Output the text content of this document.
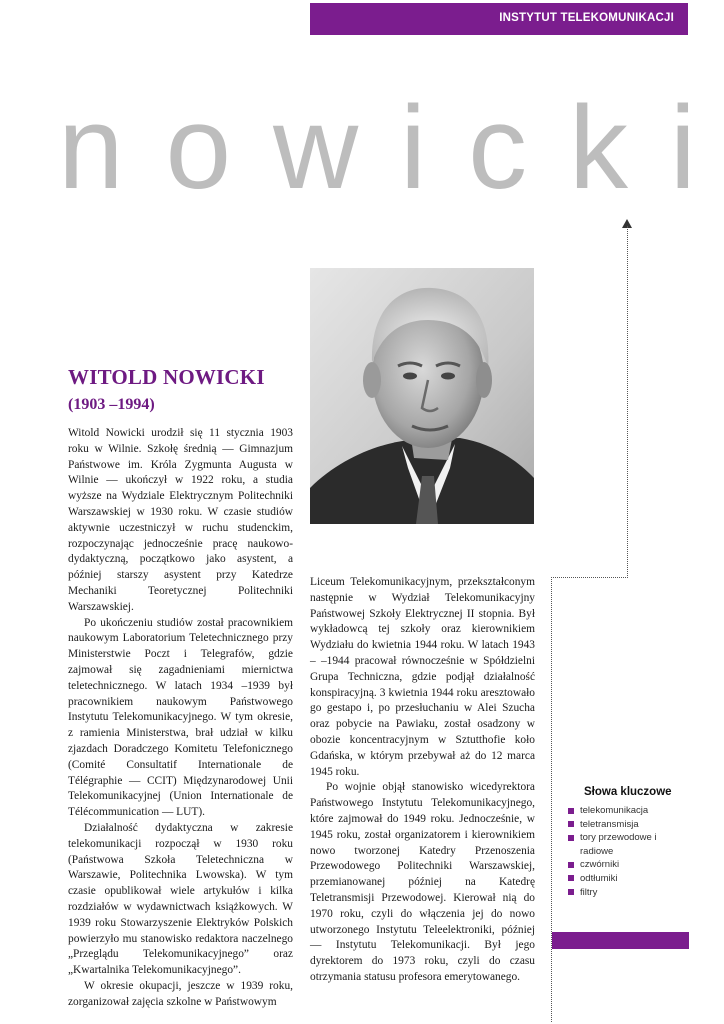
INSTYTUT TELEKOMUNIKACJI
n o w i c k i
WITOLD NOWICKI
(1903 –1994)

Witold Nowicki urodził się 11 stycznia 1903 roku w Wilnie. Szkołę średnią — Gimnazjum Państwowe im. Króla Zygmunta Augusta w Wilnie — ukończył w 1922 roku, a studia wyższe na Wydziale Elektrycznym Politechniki Warszawskiej w 1930 roku. W czasie studiów aktywnie uczestniczył w ruchu studenckim, rozpoczynając jednocześnie pracę naukowo-dydaktyczną, początkowo jako asystent, a później starszy asystent przy Katedrze Mechaniki Teoretycznej Politechniki Warszawskiej.

Po ukończeniu studiów został pracownikiem naukowym Laboratorium Teletechnicznego przy Ministerstwie Poczt i Telegrafów, gdzie zajmował się zagadnieniami miernictwa teletechnicznego. W latach 1934 –1939 był pracownikiem naukowym Państwowego Instytutu Telekomunikacyjnego. W tym okresie, z ramienia Ministerstwa, brał udział w kilku zjazdach Doradczego Komitetu Telefonicznego (Comité Consultatif Internationale de Télégraphie — CCIT) Międzynarodowej Unii Telekomunikacyjnej (Union Internationale de Télécommunication — LUT).

Działalność dydaktyczna w zakresie telekomunikacji rozpoczął w 1930 roku (Państwowa Szkoła Teletechniczna w Warszawie, Politechnika Lwowska). W tym czasie opublikował wiele artykułów i kilka rozdziałów w wydawnictwach książkowych. W 1939 roku Stowarzyszenie Elektryków Polskich powierzyło mu stanowisko redaktora naczelnego „Przeglądu Telekomunikacyjnego” oraz „Kwartalnika Telekomunikacyjnego”.

W okresie okupacji, jeszcze w 1939 roku, zorganizował zajęcia szkolne w Państwowym

Liceum Telekomunikacyjnym, przekształconym następnie w Wydział Telekomunikacyjny Państwowej Szkoły Elektrycznej II stopnia. Był wykładowcą tej szkoły oraz kierownikiem Wydziału do kwietnia 1944 roku. W latach 1943 – –1944 pracował równocześnie w Spółdzielni Grupa Techniczna, gdzie podjął działalność konspiracyjną. 3 kwietnia 1944 roku aresztowało go gestapo i, po przesłuchaniu w Alei Szucha oraz pobycie na Pawiaku, został osadzony w obozie koncentracyjnym w Sztutthofie koło Gdańska, w którym przebywał aż do 12 marca 1945 roku.

Po wojnie objął stanowisko wicedyrektora Państwowego Instytutu Telekomunikacyjnego, które zajmował do 1949 roku. Jednocześnie, w 1945 roku, został organizatorem i kierownikiem nowo tworzonej Katedry Przenoszenia Przewodowego Politechniki Warszawskiej, przemianowanej później na Katedrę Teletransmisji Przewodowej. Kierował nią do 1970 roku, czyli do włączenia jej do nowo utworzonego Instytutu Teleelektroniki, później — Instytutu Telekomunikacji. Był jego dyrektorem do 1973 roku, czyli do czasu otrzymania statusu profesora emerytowanego.

Słowa kluczowe
telekomunikacja
teletransmisja
tory przewodowe i radiowe
czwórniki
odtłumiki
filtry
